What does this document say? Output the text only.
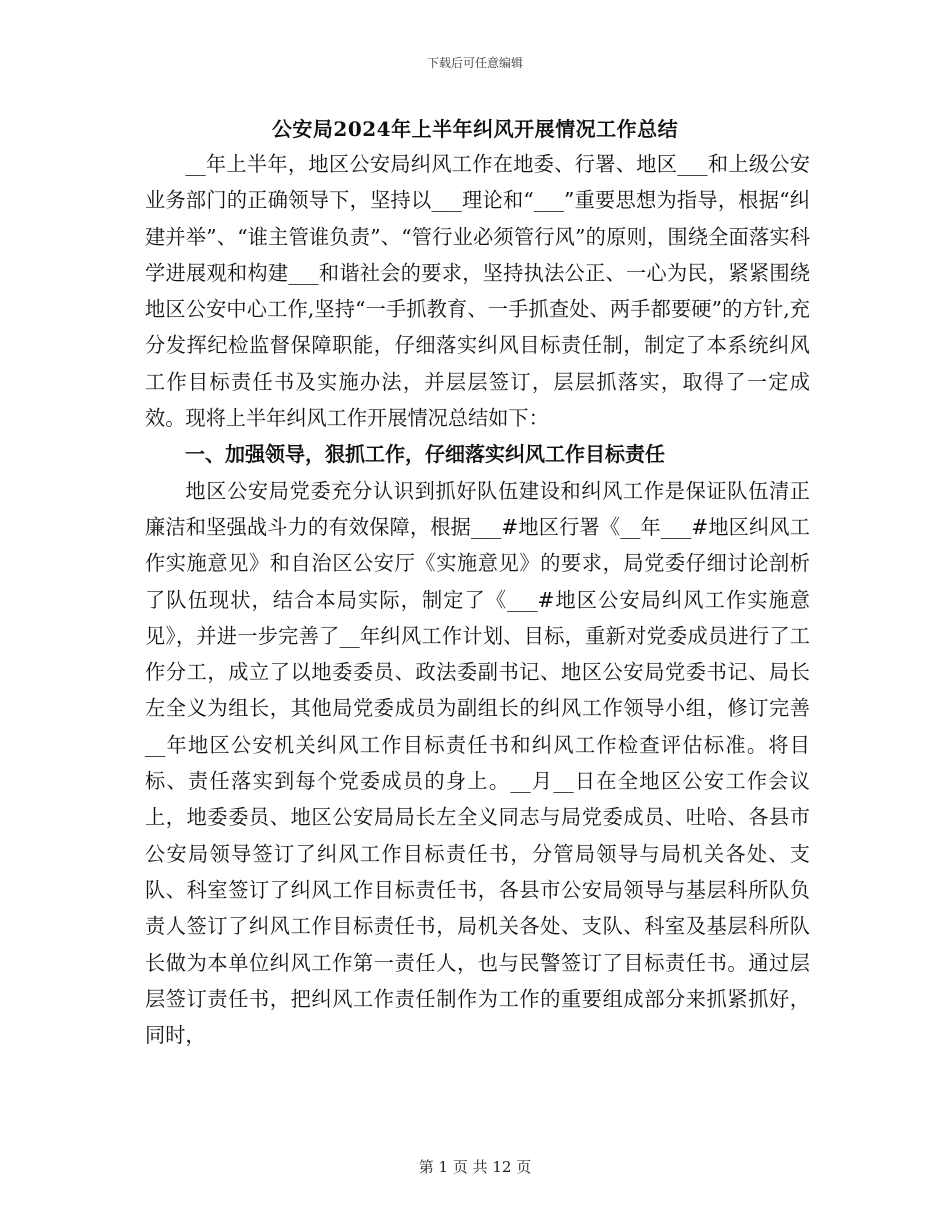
下载后可任意编辑
公安局2024年上半年纠风开展情况工作总结

__年上半年，地区公安局纠风工作在地委、行署、地区___和上级公安业务部门的正确领导下，坚持以___理论和“___”重要思想为指导，根据“纠建并举”、“谁主管谁负责”、“管行业必须管行风”的原则，围绕全面落实科学进展观和构建___和谐社会的要求，坚持执法公正、一心为民，紧紧围绕地区公安中心工作,坚持“一手抓教育、一手抓查处、两手都要硬”的方针,充分发挥纪检监督保障职能，仔细落实纠风目标责任制，制定了本系统纠风工作目标责任书及实施办法，并层层签订，层层抓落实，取得了一定成效。现将上半年纠风工作开展情况总结如下：

一、加强领导，狠抓工作，仔细落实纠风工作目标责任

地区公安局党委充分认识到抓好队伍建设和纠风工作是保证队伍清正廉洁和坚强战斗力的有效保障，根据___#地区行署《__年___#地区纠风工作实施意见》和自治区公安厅《实施意见》的要求，局党委仔细讨论剖析了队伍现状，结合本局实际，制定了《___#地区公安局纠风工作实施意见》，并进一步完善了__年纠风工作计划、目标，重新对党委成员进行了工作分工，成立了以地委委员、政法委副书记、地区公安局党委书记、局长左全义为组长，其他局党委成员为副组长的纠风工作领导小组，修订完善__年地区公安机关纠风工作目标责任书和纠风工作检查评估标准。将目标、责任落实到每个党委成员的身上。__月__日在全地区公安工作会议上，地委委员、地区公安局局长左全义同志与局党委成员、吐哈、各县市公安局领导签订了纠风工作目标责任书，分管局领导与局机关各处、支队、科室签订了纠风工作目标责任书，各县市公安局领导与基层科所队负责人签订了纠风工作目标责任书，局机关各处、支队、科室及基层科所队长做为本单位纠风工作第一责任人，也与民警签订了目标责任书。通过层层签订责任书，把纠风工作责任制作为工作的重要组成部分来抓紧抓好，同时，

第 1 页 共 12 页
